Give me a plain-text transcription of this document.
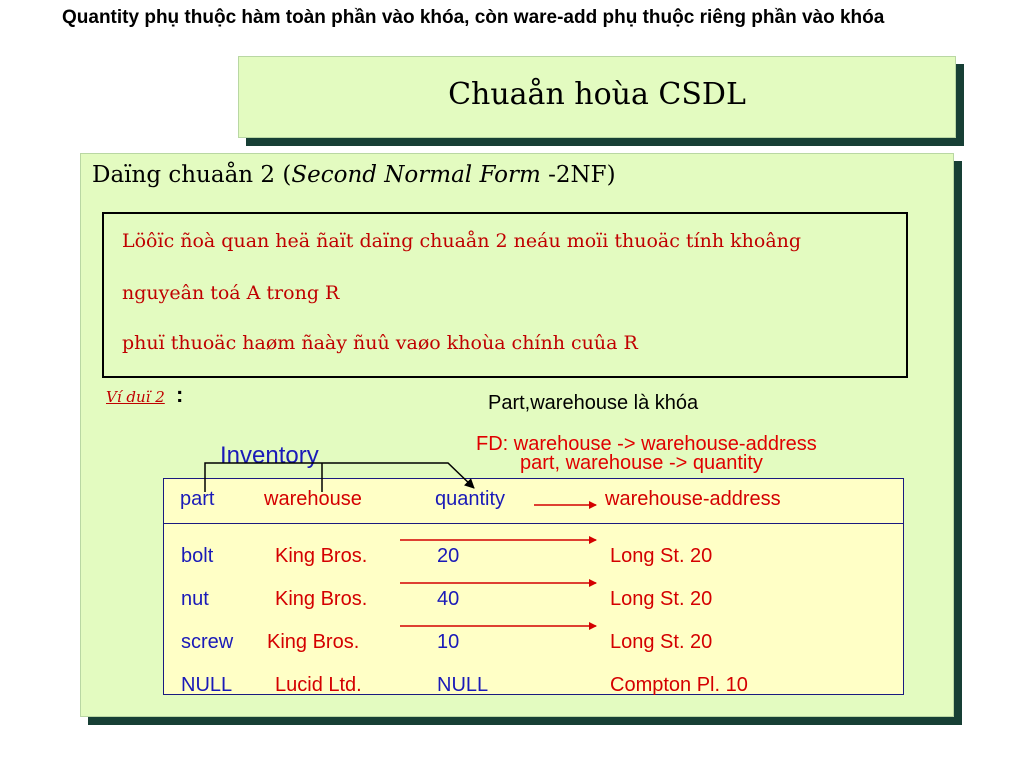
Quantity phụ thuộc hàm toàn phần vào khóa, còn ware-add phụ thuộc riêng phần vào khóa
Chuaån hoùa CSDL
Daïng chuaån 2 (Second Normal Form -2NF)
Löôïc ñoà quan heä ñaït daïng chuaån 2 neáu moïi thuoäc tính khoâng
nguyeân toá A trong R
phuï thuoäc haøm ñaày ñuû vaøo khoùa chính cuûa R
Ví duï 2 :	Part,warehouse là khóa
FD: warehouse -> warehouse-address
part, warehouse -> quantity
Inventory
part warehouse	quantity	warehouse-address
bolt	King Bros.	20	Long St. 20
nut	King Bros.	40	Long St. 20
screw King Bros.	10	Long St. 20
NULL Lucid Ltd.	NULL	Compton Pl. 10
